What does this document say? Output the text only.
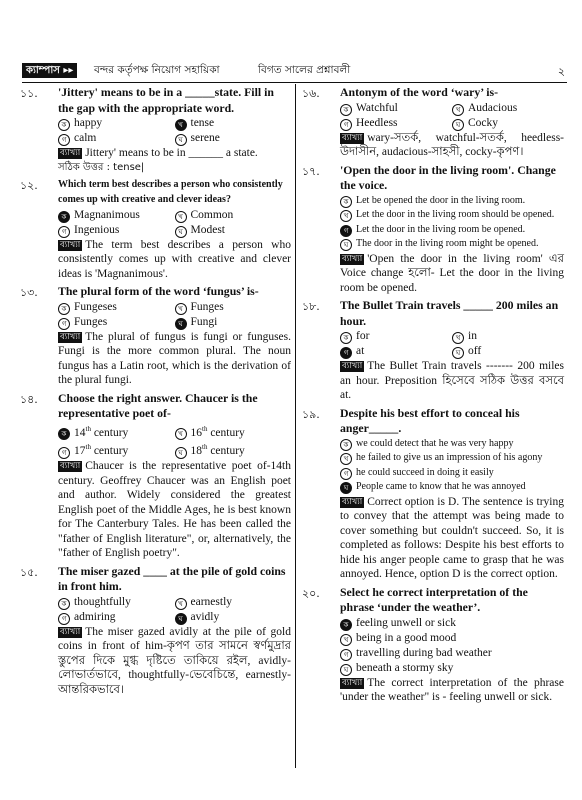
ক্যাম্পাস ▸▸	বন্দর কর্তৃপক্ষ নিয়োগ সহায়িকা	বিগত সালের প্রশ্নাবলী	২
১১. 'Jittery' means to be in a _____state. Fill in the gap with the appropriate word.
ক happy	খ tense
গ calm	ঘ serene
ব্যাখ্যা Jittery' means to be in ______ a state.
সঠিক উত্তর : tense|
১২. Which term best describes a person who consistently comes up with creative and clever ideas?
ক Magnanimous	খ Common
গ Ingenious	ঘ Modest
ব্যাখ্যা The term best describes a person who consistently comes up with creative and clever ideas is 'Magnanimous'.
১৩. The plural form of the word ‘fungus’ is-
ক Fungeses	খ Funges
গ Funges	ঘ Fungi
ব্যাখ্যা The plural of fungus is fungi or funguses. Fungi is the more common plural. The noun fungus has a Latin root, which is the derivation of the plural fungi.
১৪. Choose the right answer. Chaucer is the representative poet of-
ক 14th century	খ 16th century
গ 17th century	ঘ 18th century
ব্যাখ্যা Chaucer is the representative poet of-14th century. Geoffrey Chaucer was an English poet and author. Widely considered the greatest English poet of the Middle Ages, he is best known for The Canterbury Tales. He has been called the "father of English literature", or, alternatively, the "father of English poetry".
১৫. The miser gazed ____ at the pile of gold coins in front him.
ক thoughtfully	খ earnestly
গ admiring	ঘ avidly
ব্যাখ্যা The miser gazed avidly at the pile of gold coins in front of him-কৃপণ তার সামনে স্বর্ণমুদ্রার স্তুপের দিকে মুগ্ধ দৃষ্টিতে তাকিয়ে রইল, avidly-লোভার্তভাবে, thoughtfully-ভেবেচিন্তে, earnestly-আন্তরিকভাবে।
১৬. Antonym of the word ‘wary’ is-
ক Watchful	খ Audacious
গ Heedless	ঘ Cocky
ব্যাখ্যা wary-সতর্ক, watchful-সতর্ক, heedless-উদাসীন, audacious-সাহসী, cocky-কৃপণ।
১৭. 'Open the door in the living room'. Change the voice.
ক Let be opened the door in the living room.
খ Let the door in the living room should be opened.
গ Let the door in the living room be opened.
ঘ The door in the living room might be opened.
ব্যাখ্যা 'Open the door in the living room' এর Voice change হলো- Let the door in the living room be opened.
১৮. The Bullet Train travels _____ 200 miles an hour.
ক for	খ in
গ at	ঘ off
ব্যাখ্যা The Bullet Train travels ------- 200 miles an hour. Preposition হিসেবে সঠিক উত্তর বসবে at.
১৯. Despite his best effort to conceal his anger_____.
ক we could detect that he was very happy
খ he failed to give us an impression of his agony
গ he could succeed in doing it easily
ঘ People came to know that he was annoyed
ব্যাখ্যা Correct option is D. The sentence is trying to convey that the attempt was being made to cover something but couldn't succeed. So, it is completed as follows: Despite his best efforts to hide his anger people came to grasp that he was annoyed. Hence, option D is the correct option.
২০. Select he correct interpretation of the phrase ‘under the weather’.
ক feeling unwell or sick
খ being in a good mood
গ travelling during bad weather
ঘ beneath a stormy sky
ব্যাখ্যা The correct interpretation of the phrase 'under the weather" is - feeling unwell or sick.
